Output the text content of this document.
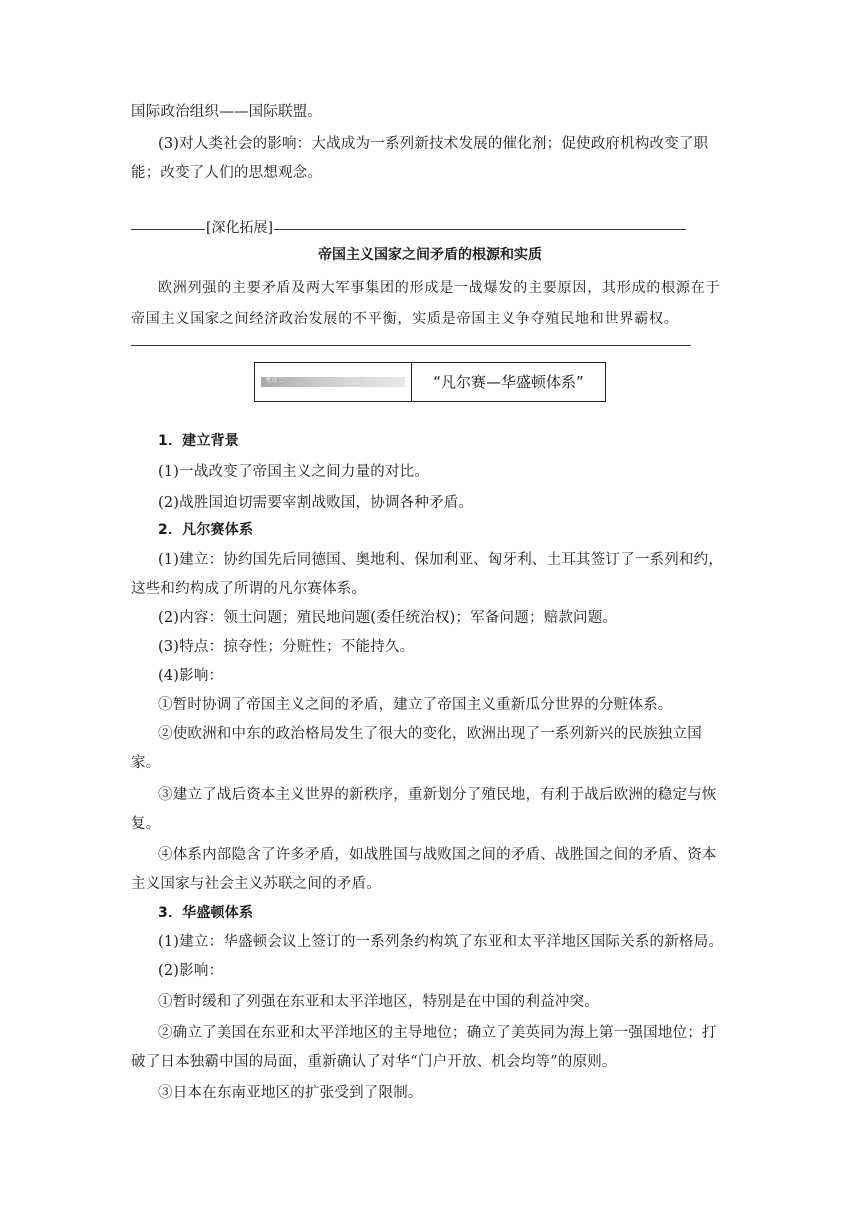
国际政治组织——国际联盟。
(3)对人类社会的影响：大战成为一系列新技术发展的催化剂；促使政府机构改变了职
能；改变了人们的思想观念。
[深化拓展]
帝国主义国家之间矛盾的根源和实质
欧洲列强的主要矛盾及两大军事集团的形成是一战爆发的主要原因，其形成的根源在于
帝国主义国家之间经济政治发展的不平衡，实质是帝国主义争夺殖民地和世界霸权。
考点二	“凡尔赛—华盛顿体系”
1．建立背景
(1)一战改变了帝国主义之间力量的对比。
(2)战胜国迫切需要宰割战败国，协调各种矛盾。
2．凡尔赛体系
(1)建立：协约国先后同德国、奥地利、保加利亚、匈牙利、土耳其签订了一系列和约，
这些和约构成了所谓的凡尔赛体系。
(2)内容：领土问题；殖民地问题(委任统治权)；军备问题；赔款问题。
(3)特点：掠夺性；分赃性；不能持久。
(4)影响：
①暂时协调了帝国主义之间的矛盾，建立了帝国主义重新瓜分世界的分赃体系。
②使欧洲和中东的政治格局发生了很大的变化，欧洲出现了一系列新兴的民族独立国
家。
③建立了战后资本主义世界的新秩序，重新划分了殖民地，有利于战后欧洲的稳定与恢
复。
④体系内部隐含了许多矛盾，如战胜国与战败国之间的矛盾、战胜国之间的矛盾、资本
主义国家与社会主义苏联之间的矛盾。
3．华盛顿体系
(1)建立：华盛顿会议上签订的一系列条约构筑了东亚和太平洋地区国际关系的新格局。
(2)影响：
①暂时缓和了列强在东亚和太平洋地区，特别是在中国的利益冲突。
②确立了美国在东亚和太平洋地区的主导地位；确立了美英同为海上第一强国地位；打
破了日本独霸中国的局面，重新确认了对华“门户开放、机会均等”的原则。
③日本在东南亚地区的扩张受到了限制。
